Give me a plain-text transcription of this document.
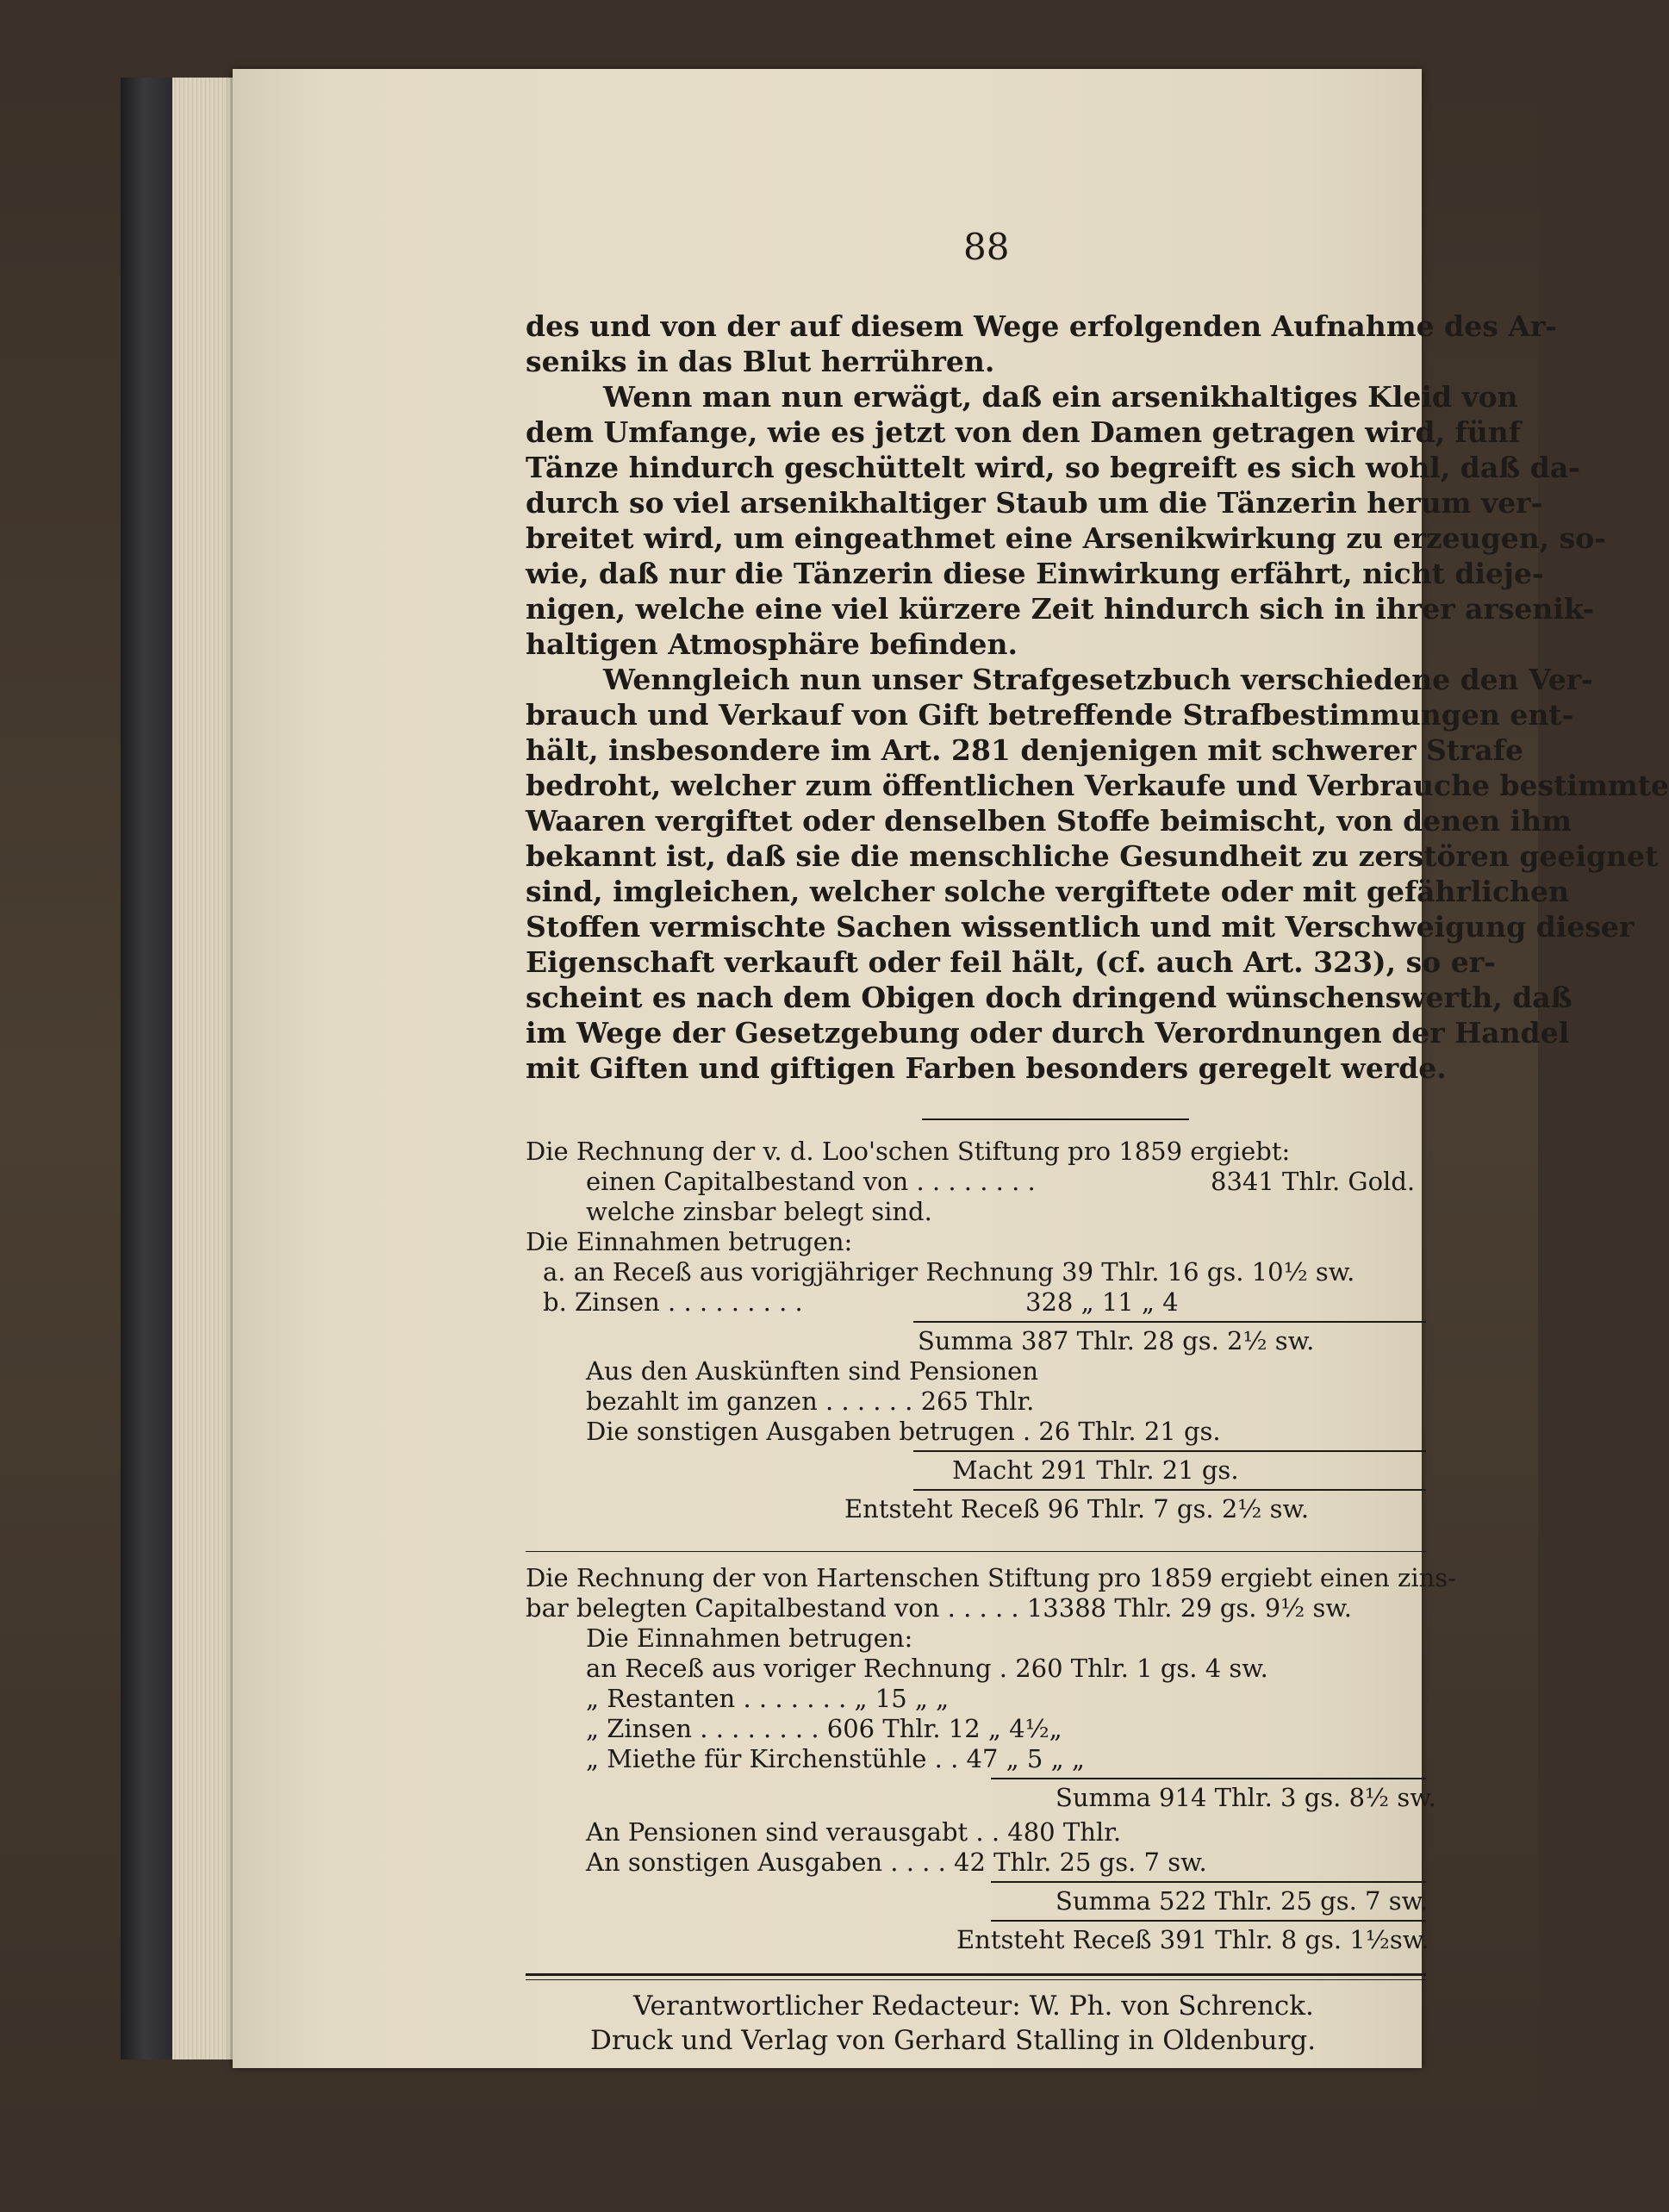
88
des und von der auf diesem Wege erfolgenden Aufnahme des Ar-
seniks in das Blut herrühren.
Wenn man nun erwägt, daß ein arsenikhaltiges Kleid von
dem Umfange, wie es jetzt von den Damen getragen wird, fünf
Tänze hindurch geschüttelt wird, so begreift es sich wohl, daß da-
durch so viel arsenikhaltiger Staub um die Tänzerin herum ver-
breitet wird, um eingeathmet eine Arsenikwirkung zu erzeugen, so-
wie, daß nur die Tänzerin diese Einwirkung erfährt, nicht dieje-
nigen, welche eine viel kürzere Zeit hindurch sich in ihrer arsenik-
haltigen Atmosphäre befinden.
Wenngleich nun unser Strafgesetzbuch verschiedene den Ver-
brauch und Verkauf von Gift betreffende Strafbestimmungen ent-
hält, insbesondere im Art. 281 denjenigen mit schwerer Strafe
bedroht, welcher zum öffentlichen Verkaufe und Verbrauche bestimmte
Waaren vergiftet oder denselben Stoffe beimischt, von denen ihm
bekannt ist, daß sie die menschliche Gesundheit zu zerstören geeignet
sind, imgleichen, welcher solche vergiftete oder mit gefährlichen
Stoffen vermischte Sachen wissentlich und mit Verschweigung dieser
Eigenschaft verkauft oder feil hält, (cf. auch Art. 323), so er-
scheint es nach dem Obigen doch dringend wünschenswerth, daß
im Wege der Gesetzgebung oder durch Verordnungen der Handel
mit Giften und giftigen Farben besonders geregelt werde.
Die Rechnung der v. d. Loo'schen Stiftung pro 1859 ergiebt:
einen Capitalbestand von . . . . . . . .	8341 Thlr. Gold.
welche zinsbar belegt sind.
Die Einnahmen betrugen:
a. an Receß aus vorigjähriger Rechnung 39 Thlr. 16 gs. 10½ sw.
b. Zinsen . . . . . . . . .	328 „ 11 „ 4
Summa 387 Thlr. 28 gs. 2½ sw.
Aus den Auskünften sind Pensionen
bezahlt im ganzen . . . . . . 265 Thlr.
Die sonstigen Ausgaben betrugen . 26 Thlr. 21 gs.
Macht 291 Thlr. 21 gs.
Entsteht Receß 96 Thlr. 7 gs. 2½ sw.
Die Rechnung der von Hartenschen Stiftung pro 1859 ergiebt einen zins-
bar belegten Capitalbestand von . . . . . 13388 Thlr. 29 gs. 9½ sw.
Die Einnahmen betrugen:
an Receß aus voriger Rechnung . 260 Thlr. 1 gs. 4 sw.
„ Restanten . . . . . . . „ 15 „ „
„ Zinsen . . . . . . . . 606 Thlr. 12 „ 4½„
„ Miethe für Kirchenstühle . . 47 „ 5 „ „
Summa 914 Thlr. 3 gs. 8½ sw.
An Pensionen sind verausgabt . . 480 Thlr.
An sonstigen Ausgaben . . . . 42 Thlr. 25 gs. 7 sw.
Summa 522 Thlr. 25 gs. 7 sw.
Entsteht Receß 391 Thlr. 8 gs. 1½sw.
Verantwortlicher Redacteur: W. Ph. von Schrenck.
Druck und Verlag von Gerhard Stalling in Oldenburg.
